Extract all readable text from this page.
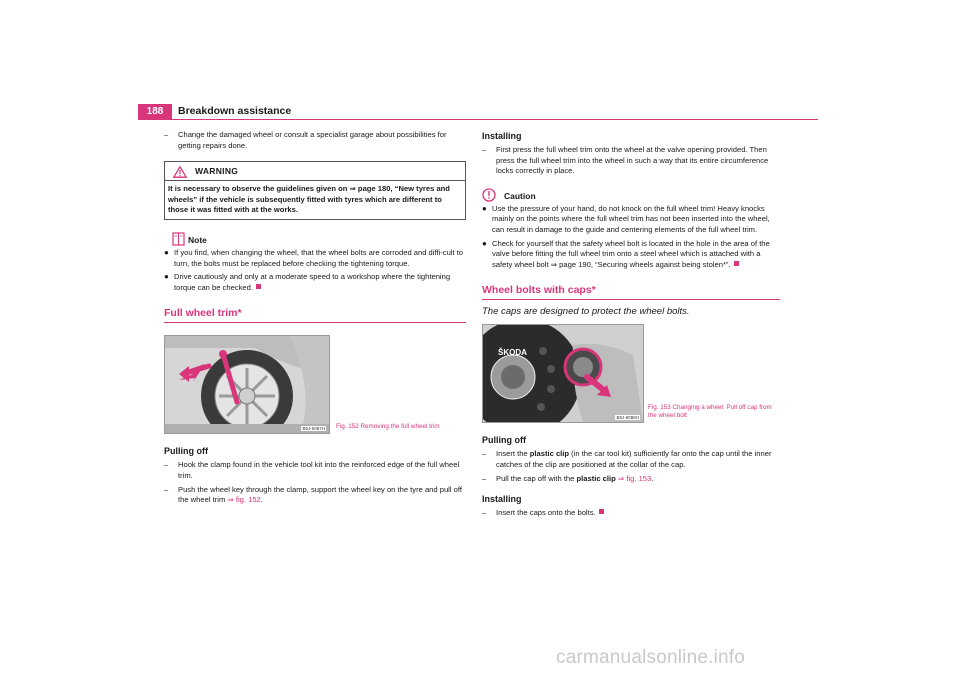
188	Breakdown assistance

– Change the damaged wheel or consult a specialist garage about possibilities for getting repairs done.

WARNING
It is necessary to observe the guidelines given on ⇒ page 180, “New tyres and wheels” if the vehicle is subsequently fitted with tyres which are different to those it was fitted with at the works.
Note

● If you find, when changing the wheel, that the wheel bolts are corroded and diffi-cult to turn, the bolts must be replaced before checking the tightening torque.

● Drive cautiously and only at a moderate speed to a workshop where the tightening torque can be checked.

Full wheel trim*

B5J-6087H Fig. 152 Removing the full wheel trim

Pulling off

– Hook the clamp found in the vehicle tool kit into the reinforced edge of the full wheel trim.

– Push the wheel key through the clamp, support the wheel key on the tyre and pull off the wheel trim ⇒ fig. 152.

Installing

– First press the full wheel trim onto the wheel at the valve opening provided. Then press the full wheel trim into the wheel in such a way that its entire circumference locks correctly in place.

Caution

● Use the pressure of your hand, do not knock on the full wheel trim! Heavy knocks mainly on the points where the full wheel trim has not been inserted into the wheel, can result in damage to the guide and centering elements of the full wheel trim.

● Check for yourself that the safety wheel bolt is located in the hole in the area of the valve before fitting the full wheel trim onto a steel wheel which is attached with a safety wheel bolt ⇒ page 190, “Securing wheels against being stolen*”.

Wheel bolts with caps*

The caps are designed to protect the wheel bolts.

ŠKODA
B5J-6088H
Fig. 153 Changing a wheel: Pull off cap from the wheel bolt

Pulling off

– Insert the plastic clip (in the car tool kit) sufficiently far onto the cap until the inner catches of the clip are positioned at the collar of the cap.

– Pull the cap off with the plastic clip ⇒ fig. 153.

Installing

– Insert the caps onto the bolts.

carmanualsonline.info
